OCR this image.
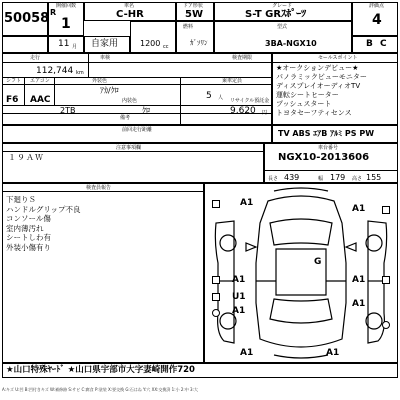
50058
開催回数
R
1
車名
C-HR
ドア形状
5W
グレード
S-T GRｽﾎﾟｰﾂ
評価点
4
11 月 自家用	1200 cc
燃料
ｶﾞｿﾘﾝ
型式
3BA-NGX10	B C
走行
112,744 km
車検	検査期限
シフト エアコン
F6 AAC
外装色
ｱｶ/ｸﾛ
乗車定員
5 人
2TB
内装色
ｸﾛ
リサイクル預託金
9,620 円
備考
セールスポイント
★オークションデビュー★
パノラミックビューモニター
ディスプレイオーディオTV
運転シートヒーター
プッシュスタート
トヨタセーフティセンス
TV ABS ｴｱB ｱﾙﾐ PS PW
前回走行距離
注意事項欄
１９ＡＷ
車台番号
NGX10-2013606
長さ 439	幅 179 高さ 155
検査員報告
下廻りＳ
ハンドルグリップ不良
コンソール傷
室内薄汚れ
シートしわ有
外装小傷有り
A1
A1
G
A1
U1
A1
A1
A1
A1	A1
★山口特殊ﾔｰﾄﾞ ★山口県宇部市大字妻崎開作720
A:キズ U:凹 B:凹付きキズ W:補修跡 S:サビ C:腐食 P:塗装 X:要交換 G:石はね Y:穴 XX:交換済 1:小 2:中 3:大
